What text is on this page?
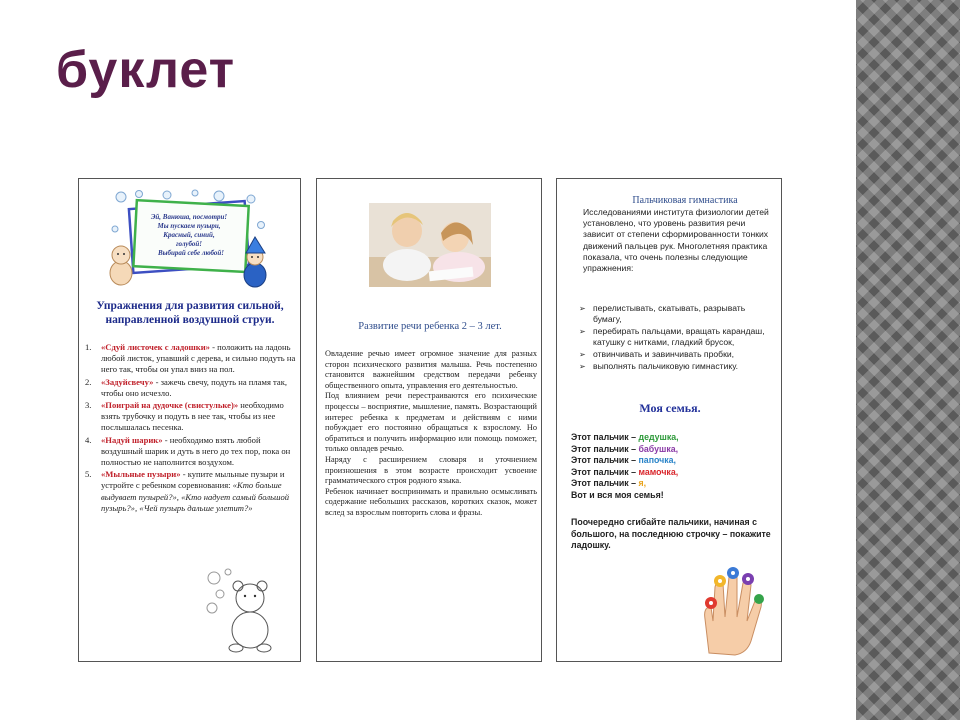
буклет
Эй, Ванюша, посмотри!
Мы пускаем пузыри,
Красный, синий,
голубой!
Выбирай себе любой!
Упражнения для развития сильной, направленной воздушной струи.
1. «Сдуй листочек с ладошки» - положить на ладонь любой листок, упавший с дерева, и сильно подуть на него так, чтобы он упал вниз на пол.
2. «Задуйсвечу» - зажечь свечу, подуть на пламя так, чтобы оно исчезло.
3. «Поиграй на дудочке (свистульке)» необходимо взять трубочку и подуть в нее так, чтобы из нее послышалась песенка.
4. «Надуй шарик» - необходимо взять любой воздушный шарик и дуть в него до тех пор, пока он полностью не наполнится воздухом.
5. «Мыльные пузыри» - купите мыльные пузыри и устройте с ребенком соревнования: «Кто больше выдувает пузырей?», «Кто надует самый большой пузырь?», «Чей пузырь дальше улетит?»
Развитие речи ребенка 2 – 3 лет.

Овладение речью имеет огромное значение для разных сторон психического развития малыша. Речь постепенно становится важнейшим средством передачи ребенку общественного опыта, управления его деятельностью.

Под влиянием речи перестраиваются его психические процессы – восприятие, мышление, память. Возрастающий интерес ребенка к предметам и действиям с ними побуждает его постоянно обращаться к взрослому. Но обратиться и получить информацию или помощь поможет, только овладев речью.

Наряду с расширением словаря и уточнением произношения в этом возрасте происходит усвоение грамматического строя родного языка.

Ребенок начинает воспринимать и правильно осмысливать содержание небольших рассказов, коротких сказок, может вслед за взрослым повторить слова и фразы.

Пальчиковая гимнастика

Исследованиями института физиологии детей установлено, что уровень развития речи зависит от степени сформированности тонких движений пальцев рук. Многолетняя практика показала, что очень полезны следующие упражнения:

➢ перелистывать, скатывать, разрывать бумагу,
➢ перебирать пальцами, вращать карандаш, катушку с нитками, гладкий брусок,
➢ отвинчивать и завинчивать пробки,
➢ выполнять пальчиковую гимнастику.
Моя семья.
Этот пальчик – дедушка,
Этот пальчик – бабушка,
Этот пальчик – папочка,
Этот пальчик – мамочка,
Этот пальчик – я,
Вот и вся моя семья!
Поочередно сгибайте пальчики, начиная с большого, на последнюю строчку – покажите ладошку.
